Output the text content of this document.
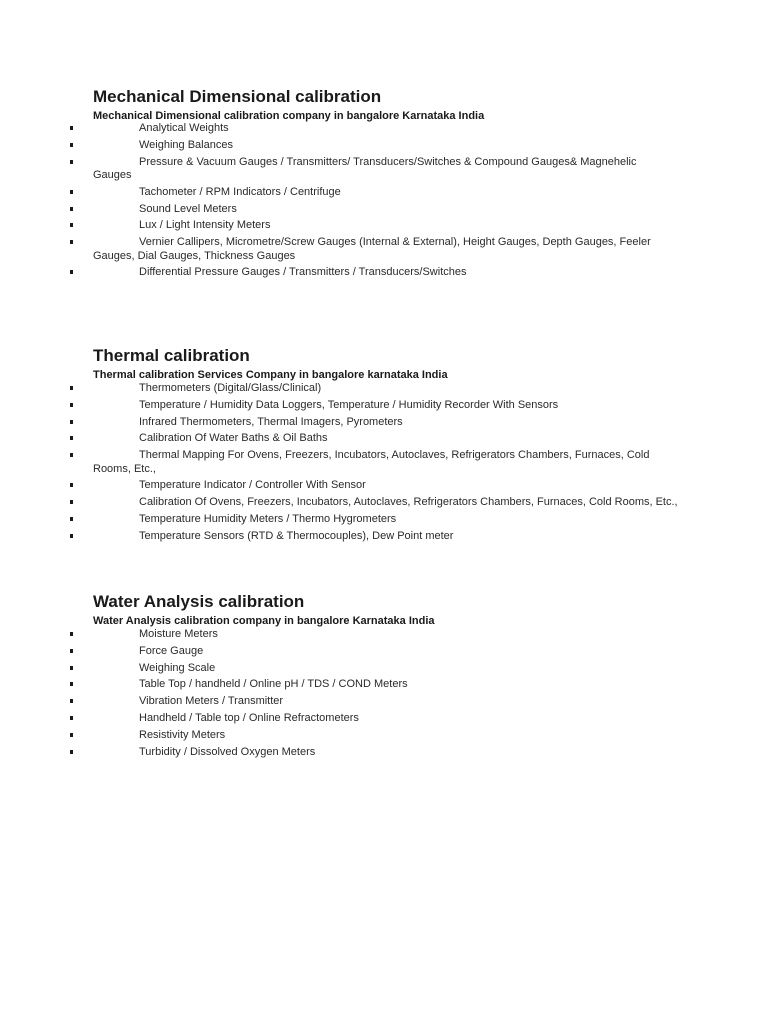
Mechanical Dimensional calibration
Mechanical Dimensional calibration company in bangalore Karnataka India
Analytical Weights
Weighing Balances
Pressure & Vacuum Gauges / Transmitters/ Transducers/Switches & Compound Gauges& Magnehelic Gauges
Tachometer / RPM Indicators / Centrifuge
Sound Level Meters
Lux / Light Intensity Meters
Vernier Callipers, Micrometre/Screw Gauges (Internal & External), Height Gauges, Depth Gauges, Feeler Gauges, Dial Gauges, Thickness Gauges
Differential Pressure Gauges / Transmitters / Transducers/Switches
Thermal calibration
Thermal calibration Services Company in bangalore karnataka India
Thermometers (Digital/Glass/Clinical)
Temperature / Humidity Data Loggers, Temperature / Humidity Recorder With Sensors
Infrared Thermometers, Thermal Imagers, Pyrometers
Calibration Of Water Baths & Oil Baths
Thermal Mapping For Ovens, Freezers, Incubators, Autoclaves, Refrigerators Chambers, Furnaces, Cold Rooms, Etc.,
Temperature Indicator / Controller With Sensor
Calibration Of Ovens, Freezers, Incubators, Autoclaves, Refrigerators Chambers, Furnaces, Cold Rooms, Etc.,
Temperature Humidity Meters / Thermo Hygrometers
Temperature Sensors (RTD & Thermocouples), Dew Point meter
Water Analysis calibration
Water Analysis calibration company in bangalore Karnataka India
Moisture Meters
Force Gauge
Weighing Scale
Table Top / handheld / Online pH / TDS / COND Meters
Vibration Meters / Transmitter
Handheld / Table top / Online Refractometers
Resistivity Meters
Turbidity / Dissolved Oxygen Meters
